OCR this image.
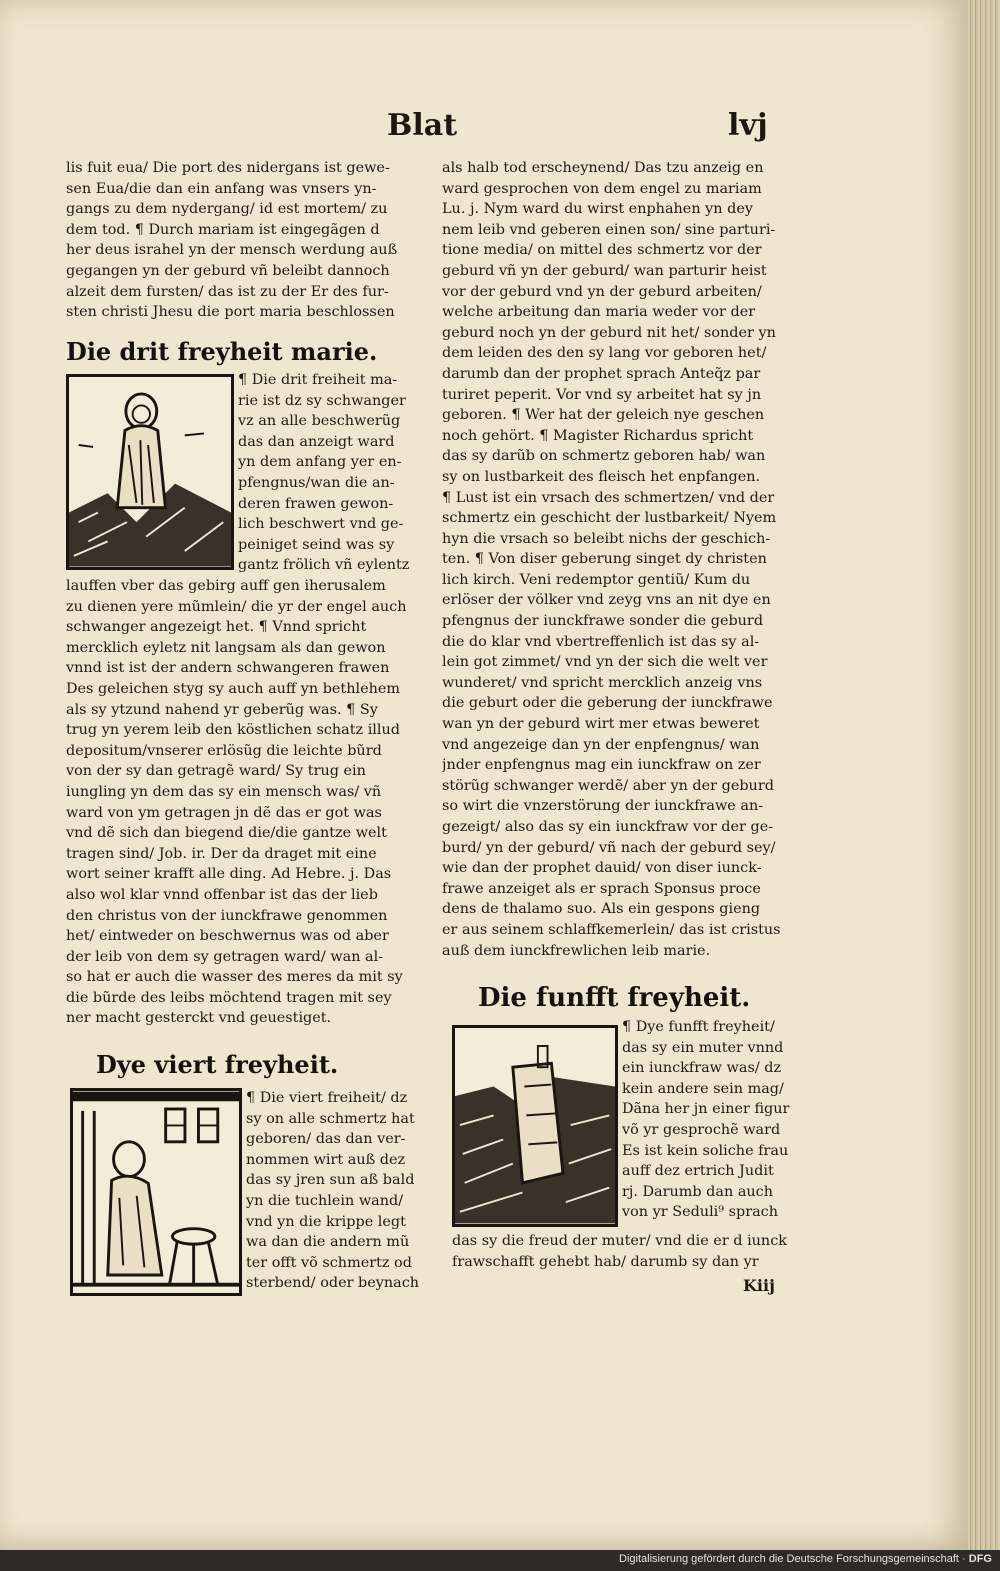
Blat	lvj
lis fuit eua/ Die port des nidergans ist gewe-
sen Eua/die dan ein anfang was vnsers yn-
gangs zu dem nydergang/ id est mortem/ zu
dem tod. ¶ Durch mariam ist eingegãgen d
her deus israhel yn der mensch werdung auß
gegangen yn der geburd vñ beleibt dannoch
alzeit dem fursten/ das ist zu der Er des fur-
sten christi Jhesu die port maria beschlossen
Die drit freyheit marie.
¶ Die drit freiheit ma-
rie ist dz sy schwanger
vz an alle beschwerũg
das dan anzeigt ward
yn dem anfang yer en-
pfengnus/wan die an-
deren frawen gewon-
lich beschwert vnd ge-
peiniget seind was sy
gantz frölich vñ eylentz
lauffen vber das gebirg auff gen iherusalem
zu dienen yere mũmlein/ die yr der engel auch
schwanger angezeigt het. ¶ Vnnd spricht
mercklich eyletz nit langsam als dan gewon
vnnd ist ist der andern schwangeren frawen
Des geleichen styg sy auch auff yn bethlehem
als sy ytzund nahend yr geberũg was. ¶ Sy
trug yn yerem leib den köstlichen schatz illud
depositum/vnserer erlösũg die leichte bũrd
von der sy dan getragẽ ward/ Sy trug ein
iungling yn dem das sy ein mensch was/ vñ
ward von ym getragen jn dẽ das er got was
vnd dẽ sich dan biegend die/die gantze welt
tragen sind/ Job. ir. Der da draget mit eine
wort seiner krafft alle ding. Ad Hebre. j. Das
also wol klar vnnd offenbar ist das der lieb
den christus von der iunckfrawe genommen
het/ eintweder on beschwernus was od aber
der leib von dem sy getragen ward/ wan al-
so hat er auch die wasser des meres da mit sy
die bũrde des leibs möchtend tragen mit sey
ner macht gesterckt vnd geuestiget.
Dye viert freyheit.
¶ Die viert freiheit/ dz
sy on alle schmertz hat
geboren/ das dan ver-
nommen wirt auß dez
das sy jren sun aß bald
yn die tuchlein wand/
vnd yn die krippe legt
wa dan die andern mũ
ter offt võ schmertz od
sterbend/ oder beynach
als halb tod erscheynend/ Das tzu anzeig en
ward gesprochen von dem engel zu mariam
Lu. j. Nym ward du wirst enphahen yn dey
nem leib vnd geberen einen son/ sine parturi-
tione media/ on mittel des schmertz vor der
geburd vñ yn der geburd/ wan parturir heist
vor der geburd vnd yn der geburd arbeiten/
welche arbeitung dan maria weder vor der
geburd noch yn der geburd nit het/ sonder yn
dem leiden des den sy lang vor geboren het/
darumb dan der prophet sprach Anteq̃z par
turiret peperit. Vor vnd sy arbeitet hat sy jn
geboren. ¶ Wer hat der geleich nye geschen
noch gehört. ¶ Magister Richardus spricht
das sy darũb on schmertz geboren hab/ wan
sy on lustbarkeit des fleisch het enpfangen.
¶ Lust ist ein vrsach des schmertzen/ vnd der
schmertz ein geschicht der lustbarkeit/ Nyem
hyn die vrsach so beleibt nichs der geschich-
ten. ¶ Von diser geberung singet dy christen
lich kirch. Veni redemptor gentiũ/ Kum du
erlöser der völker vnd zeyg vns an nit dye en
pfengnus der iunckfrawe sonder die geburd
die do klar vnd vbertreffenlich ist das sy al-
lein got zimmet/ vnd yn der sich die welt ver
wunderet/ vnd spricht mercklich anzeig vns
die geburt oder die geberung der iunckfrawe
wan yn der geburd wirt mer etwas beweret
vnd angezeige dan yn der enpfengnus/ wan
jnder enpfengnus mag ein iunckfraw on zer
störũg schwanger werdẽ/ aber yn der geburd
so wirt die vnzerstörung der iunckfrawe an-
gezeigt/ also das sy ein iunckfraw vor der ge-
burd/ yn der geburd/ vñ nach der geburd sey/
wie dan der prophet dauid/ von diser iunck-
frawe anzeiget als er sprach Sponsus proce
dens de thalamo suo. Als ein gespons gieng
er aus seinem schlaffkemerlein/ das ist cristus
auß dem iunckfrewlichen leib marie.
Die funfft freyheit.
¶ Dye funfft freyheit/
das sy ein muter vnnd
ein iunckfraw was/ dz
kein andere sein mag/
Dãna her jn einer figur
võ yr gesprochẽ ward
Es ist kein soliche frau
auff dez ertrich Judit
rj. Darumb dan auch
von yr Seduli⁹ sprach
das sy die freud der muter/ vnd die er d iunck
frawschafft gehebt hab/ darumb sy dan yr
Kiij
Digitalisierung gefördert durch die Deutsche Forschungsgemeinschaft · DFG
